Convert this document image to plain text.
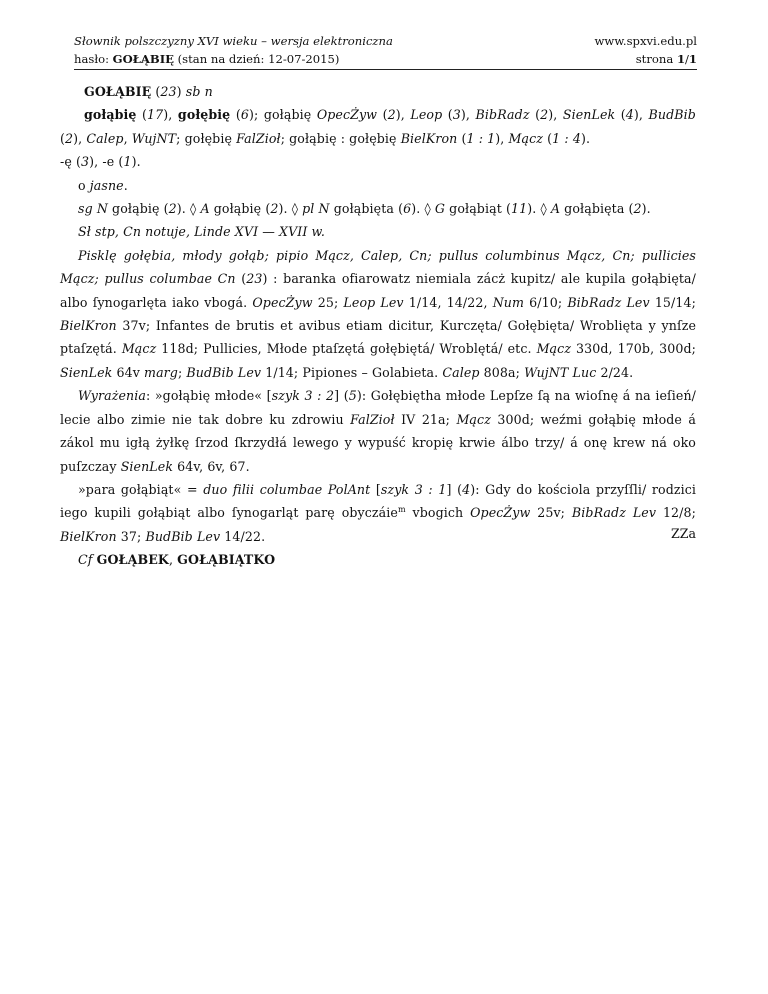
Słownik polszczyzny XVI wieku – wersja elektroniczna
hasło: GOŁĄBIĘ (stan na dzień: 12-07-2015)
www.spxvi.edu.pl
strona 1/1

GOŁĄBIĘ (23) sb n

gołąbię (17), gołębię (6); gołąbię OpecŻyw (2), Leop (3), BibRadz (2), SienLek (4), BudBib (2), Calep, WujNT; gołębię FalZioł; gołąbię : gołębię BielKron (1 : 1), Mącz (1 : 4).

-ę (3), -e (1).

o jasne.

sg N gołąbię (2). ◊ A gołąbię (2). ◊ pl N gołąbięta (6). ◊ G gołąbiąt (11). ◊ A gołąbięta (2).

Sł stp, Cn notuje, Linde XVI — XVII w.

Pisklę gołębia, młody gołąb; pipio Mącz, Calep, Cn; pullus columbinus Mącz, Cn; pullicies Mącz; pullus columbae Cn (23) : baranka ofiarowatz niemiala zácż kupitz/ ale kupila gołąbięta/ albo ſynogarlęta iako vbogá. OpecŻyw 25; Leop Lev 1/14, 14/22, Num 6/10; BibRadz Lev 15/14; BielKron 37v; Infantes de brutis et avibus etiam dicitur, Kurczęta/ Gołębięta/ Wroblięta y ynſze ptaſzętá. Mącz 118d; Pullicies, Młode ptaſzętá gołębiętá/ Wroblętá/ etc. Mącz 330d, 170b, 300d; SienLek 64v marg; BudBib Lev 1/14; Pipiones – Golabieta. Calep 808a; WujNT Luc 2/24.

Wyrażenia: »gołąbię młode« [szyk 3 : 2] (5): Gołębiętha młode Lepſze ſą na wioſnę á na ieſień/ lecie albo zimie nie tak dobre ku zdrowiu FalZioł IV 21a; Mącz 300d; weźmi gołąbię młode á zákol mu igłą żyłkę ſrzod ſkrzydłá lewego y wypuść kropię krwie álbo trzy/ á onę krew ná oko puſzczay SienLek 64v, 6v, 67.

»para gołąbiąt« = duo filii columbae PolAnt [szyk 3 : 1] (4): Gdy do kościola przyſſli/ rodzici iego kupili gołąbiąt albo ſynogarląt parę obyczáie$^m$ vbogich OpecŻyw 25v; BibRadz Lev 12/8; BielKron 37; BudBib Lev 14/22.

Cf GOŁĄBEK, GOŁĄBIĄTKO

ZZa
